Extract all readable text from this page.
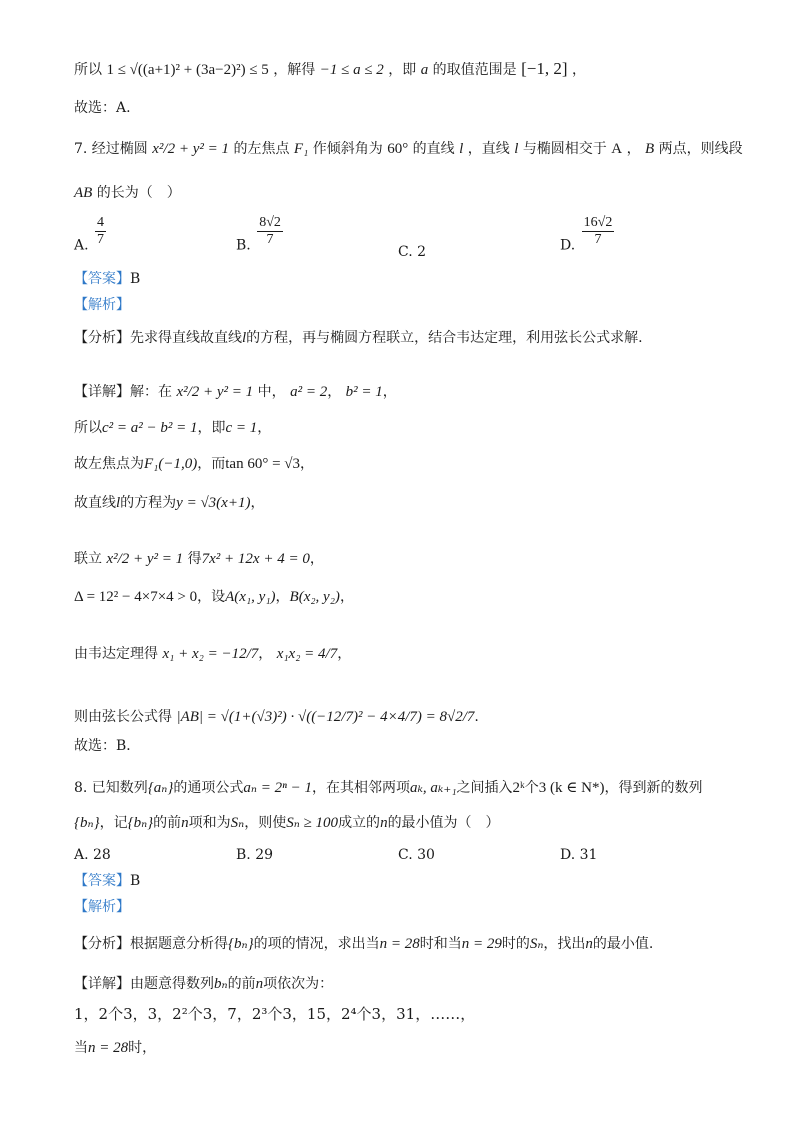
所以 1 ≤ √((a+1)² + (3a−2)²) ≤ 5 ，解得 −1 ≤ a ≤ 2 ，即 a 的取值范围是 [−1, 2] ，
故选：A.
7. 经过椭圆 x²/2 + y² = 1 的左焦点 F₁ 作倾斜角为 60° 的直线 l ，直线 l 与椭圆相交于 A ， B 两点，则线段
AB 的长为（　）
A. $\frac{4}{7}$	B. $\frac{8√2}{7}$
C. 2	D. $\frac{16√2}{7}$
【答案】B
【解析】
【分析】先求得直线故直线l的方程，再与椭圆方程联立，结合韦达定理，利用弦长公式求解.
【详解】解：在 x²/2 + y² = 1 中， a² = 2， b² = 1，
所以c² = a² − b² = 1，即c = 1，
故左焦点为F₁(−1,0)，而tan 60° = √3，
故直线l的方程为y = √3(x+1)，
联立 x²/2 + y² = 1 得7x² + 12x + 4 = 0，
Δ = 12² − 4×7×4 > 0，设A(x₁, y₁)，B(x₂, y₂)，
由韦达定理得 x₁ + x₂ = −12/7， x₁x₂ = 4/7，
则由弦长公式得 |AB| = √(1+(√3)²) · √((−12/7)² − 4×4/7) = 8√2/7.
故选：B．
8. 已知数列{aₙ}的通项公式aₙ = 2ⁿ − 1，在其相邻两项aₖ, aₖ₊₁之间插入2ᵏ个3 (k ∈ N*)，得到新的数列
{bₙ}，记{bₙ}的前n项和为Sₙ，则使Sₙ ≥ 100成立的n的最小值为（　）
A. 28	B. 29	C. 30	D. 31
【答案】B
【解析】
【分析】根据题意分析得{bₙ}的项的情况，求出当n = 28时和当n = 29时的Sₙ，找出n的最小值.
【详解】由题意得数列bₙ的前n项依次为：
1，2个3，3，2²个3，7，2³个3，15，2⁴个3，31，……，
当n = 28时，
